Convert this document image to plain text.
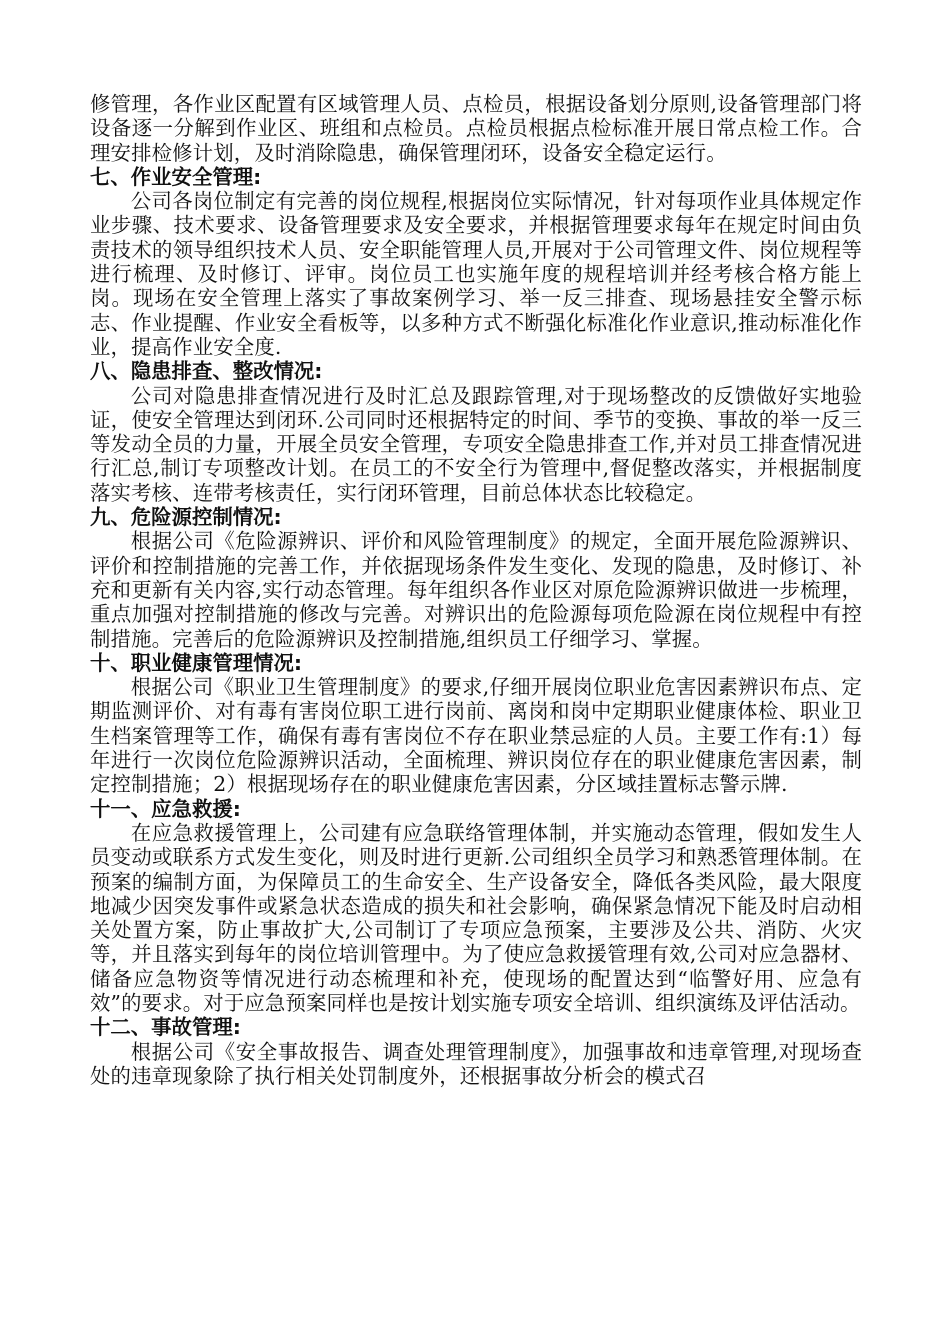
修管理，各作业区配置有区域管理人员、点检员，根据设备划分原则,设备管理部门将设备逐一分解到作业区、班组和点检员。点检员根据点检标准开展日常点检工作。合理安排检修计划，及时消除隐患，确保管理闭环，设备安全稳定运行。

七、作业安全管理:

公司各岗位制定有完善的岗位规程,根据岗位实际情况，针对每项作业具体规定作业步骤、技术要求、设备管理要求及安全要求，并根据管理要求每年在规定时间由负责技术的领导组织技术人员、安全职能管理人员,开展对于公司管理文件、岗位规程等进行梳理、及时修订、评审。岗位员工也实施年度的规程培训并经考核合格方能上岗。现场在安全管理上落实了事故案例学习、举一反三排查、现场悬挂安全警示标志、作业提醒、作业安全看板等，以多种方式不断强化标准化作业意识,推动标准化作业，提高作业安全度.

八、隐患排查、整改情况:

公司对隐患排查情况进行及时汇总及跟踪管理,对于现场整改的反馈做好实地验证，使安全管理达到闭环.公司同时还根据特定的时间、季节的变换、事故的举一反三等发动全员的力量，开展全员安全管理，专项安全隐患排查工作,并对员工排查情况进行汇总,制订专项整改计划。在员工的不安全行为管理中,督促整改落实，并根据制度落实考核、连带考核责任，实行闭环管理，目前总体状态比较稳定。

九、危险源控制情况:

根据公司《危险源辨识、评价和风险管理制度》的规定，全面开展危险源辨识、评价和控制措施的完善工作，并依据现场条件发生变化、发现的隐患，及时修订、补充和更新有关内容,实行动态管理。每年组织各作业区对原危险源辨识做进一步梳理，重点加强对控制措施的修改与完善。对辨识出的危险源每项危险源在岗位规程中有控制措施。完善后的危险源辨识及控制措施,组织员工仔细学习、掌握。

十、职业健康管理情况:

根据公司《职业卫生管理制度》的要求,仔细开展岗位职业危害因素辨识布点、定期监测评价、对有毒有害岗位职工进行岗前、离岗和岗中定期职业健康体检、职业卫生档案管理等工作，确保有毒有害岗位不存在职业禁忌症的人员。主要工作有:1）每年进行一次岗位危险源辨识活动，全面梳理、辨识岗位存在的职业健康危害因素，制定控制措施；2）根据现场存在的职业健康危害因素，分区域挂置标志警示牌.

十一、应急救援:

在应急救援管理上，公司建有应急联络管理体制，并实施动态管理，假如发生人员变动或联系方式发生变化，则及时进行更新.公司组织全员学习和熟悉管理体制。在预案的编制方面，为保障员工的生命安全、生产设备安全，降低各类风险，最大限度地减少因突发事件或紧急状态造成的损失和社会影响，确保紧急情况下能及时启动相关处置方案，防止事故扩大,公司制订了专项应急预案，主要涉及公共、消防、火灾等，并且落实到每年的岗位培训管理中。为了使应急救援管理有效,公司对应急器材、储备应急物资等情况进行动态梳理和补充，使现场的配置达到“临警好用、应急有效”的要求。对于应急预案同样也是按计划实施专项安全培训、组织演练及评估活动。

十二、事故管理:

根据公司《安全事故报告、调查处理管理制度》，加强事故和违章管理,对现场查处的违章现象除了执行相关处罚制度外，还根据事故分析会的模式召
